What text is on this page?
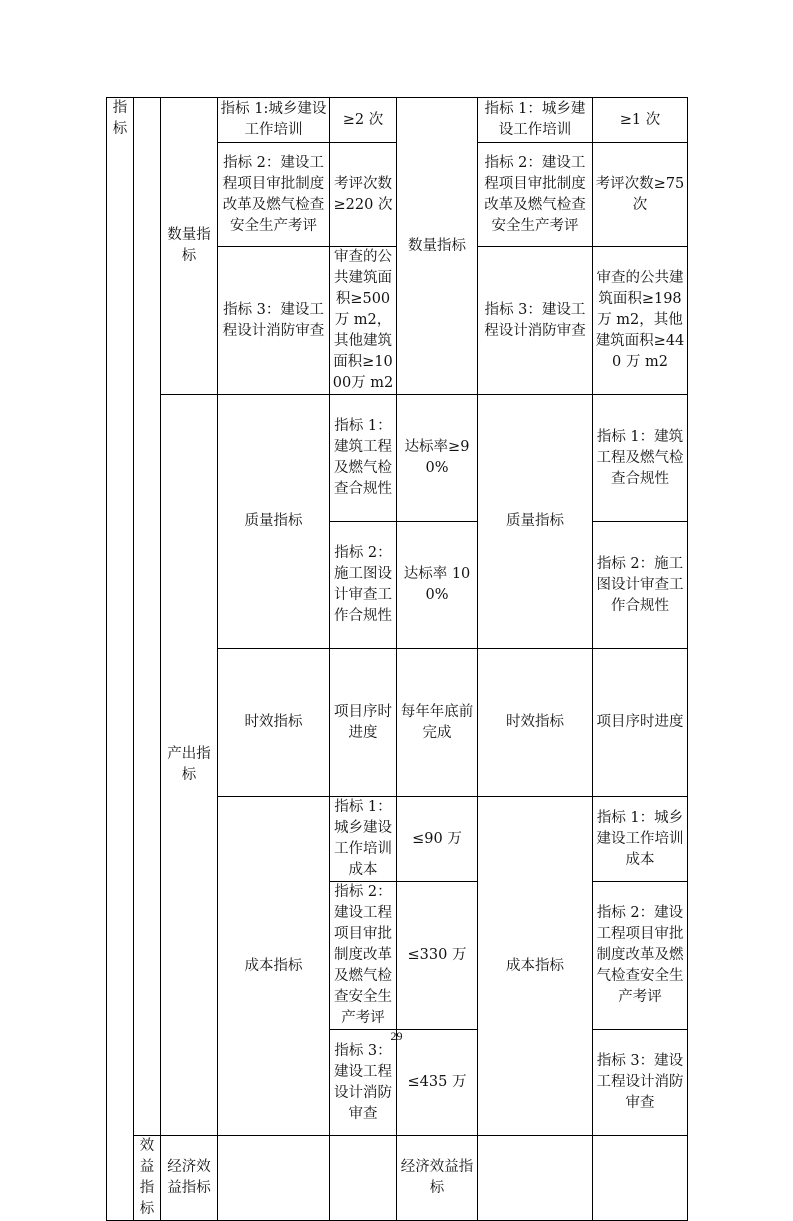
指标		数量指标	指标 1:城乡建设工作培训	≥2 次	数量指标	指标 1：城乡建设工作培训	≥1 次	
			指标 2：建设工程项目审批制度改革及燃气检查安全生产考评	考评次数≥220 次		指标 2：建设工程项目审批制度改革及燃气检查安全生产考评	考评次数≥75次	
			指标 3：建设工程设计消防审查	审查的公共建筑面积≥500万 m2，其他建筑面积≥1000万 m2		指标 3：建设工程设计消防审查	审查的公共建筑面积≥198 万 m2，其他建筑面积≥440 万 m2	
		产出指标	质量指标	指标 1：建筑工程及燃气检查合规性	达标率≥90%	质量指标	指标 1：建筑工程及燃气检查合规性	
				指标 2：施工图设计审查工作合规性	达标率 100%		指标 2：施工图设计审查工作合规性	
			时效指标	项目序时进度	每年年底前完成	时效指标	项目序时进度	
			成本指标	指标 1：城乡建设工作培训成本	≤90 万	成本指标	指标 1：城乡建设工作培训成本	
				指标 2：建设工程项目审批制度改革及燃气检查安全生产考评	≤330 万		指标 2：建设工程项目审批制度改革及燃气检查安全生产考评	
				指标 3：建设工程设计消防审查	≤435 万		指标 3：建设工程设计消防审查	
	效益指标	经济效益指标			经济效益指标			
29
